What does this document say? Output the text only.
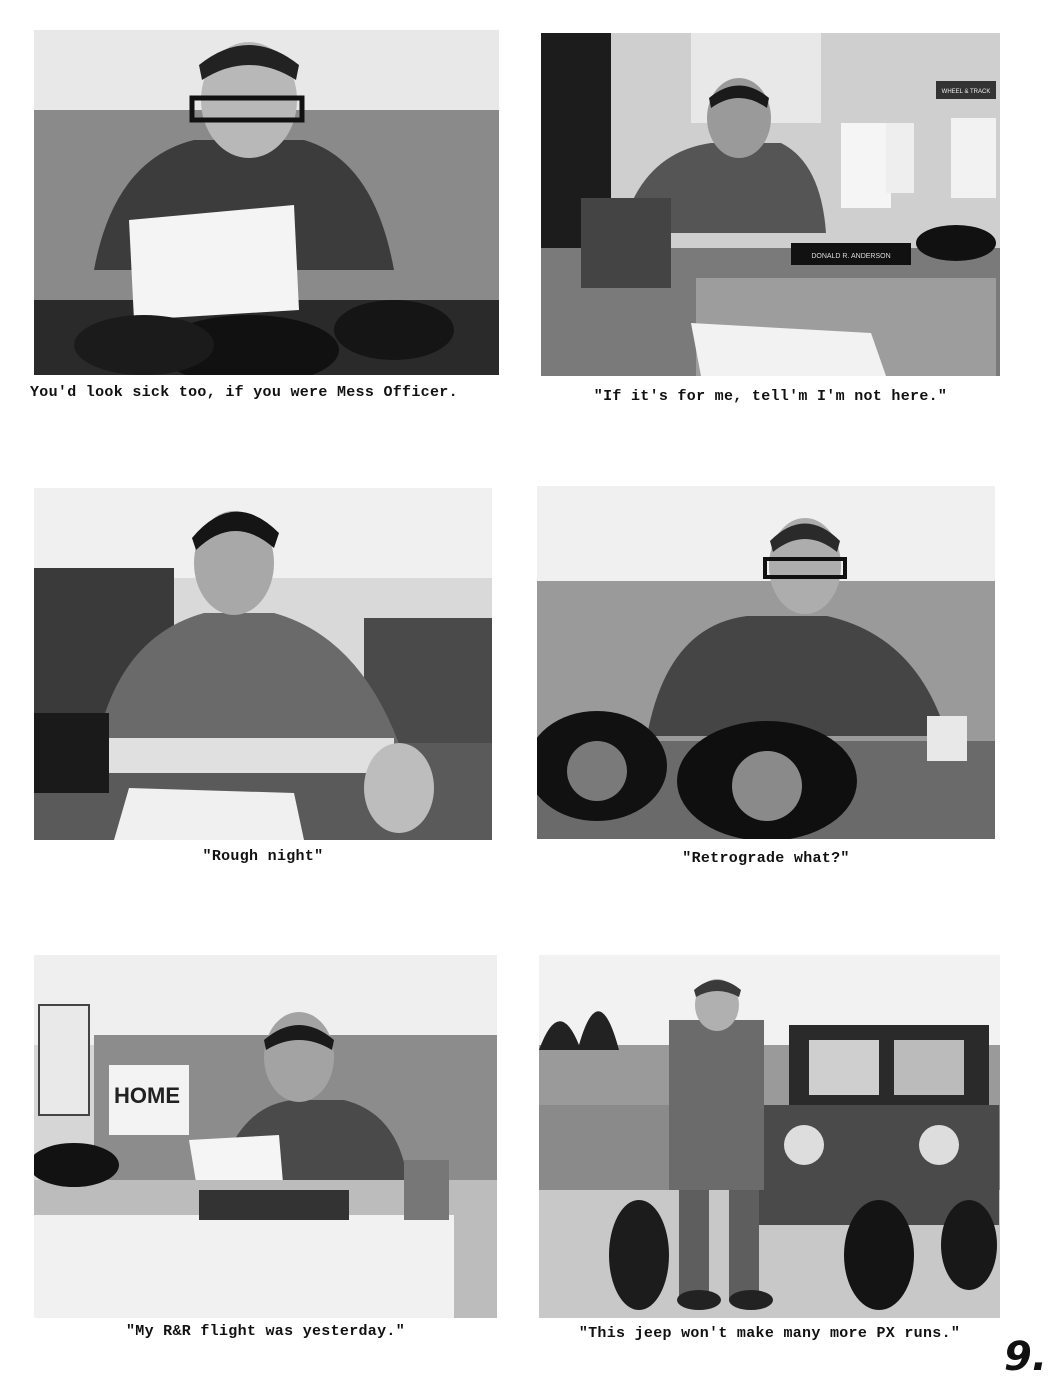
You'd look sick too, if you were Mess Officer.
WHEEL & TRACK
DONALD R. ANDERSON
"If it's for me, tell'm I'm not here."
"Rough night"	"Retrograde what?"
HOME
"My R&R flight was yesterday."	"This jeep won't make many more PX runs."
9.
